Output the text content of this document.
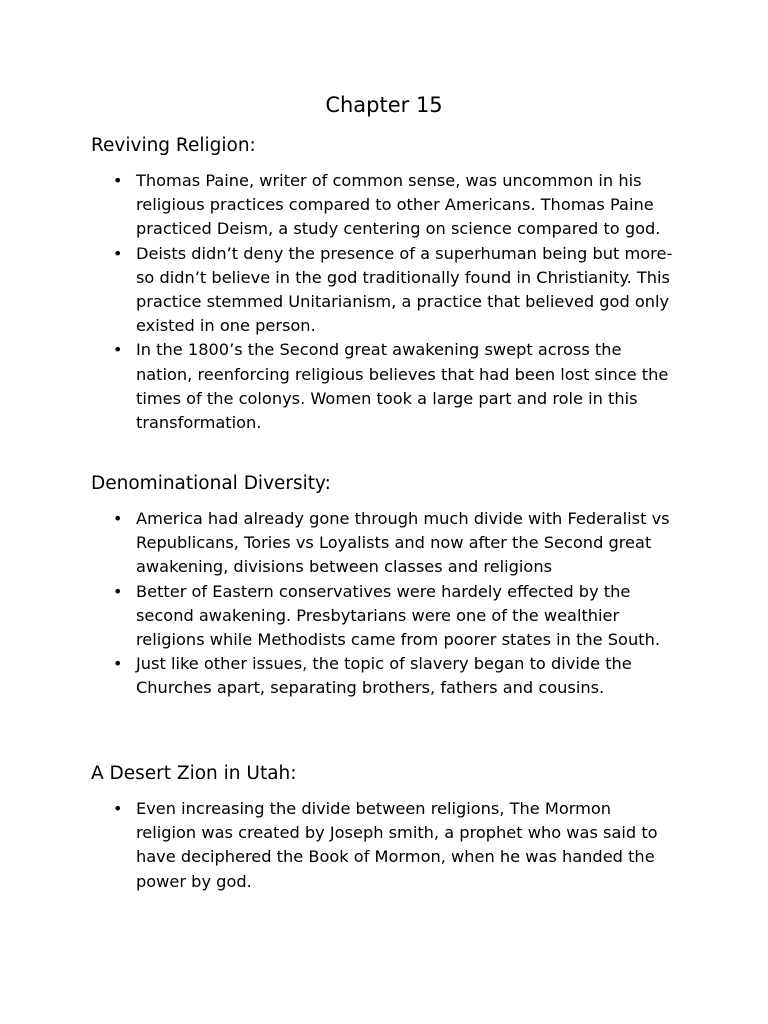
Chapter 15
Reviving Religion:
• Thomas Paine, writer of common sense, was uncommon in his religious practices compared to other Americans. Thomas Paine practiced Deism, a study centering on science compared to god.
• Deists didn’t deny the presence of a superhuman being but more-so didn’t believe in the god traditionally found in Christianity. This practice stemmed Unitarianism, a practice that believed god only existed in one person.
• In the 1800’s the Second great awakening swept across the nation, reenforcing religious believes that had been lost since the times of the colonys. Women took a large part and role in this transformation.
Denominational Diversity:
• America had already gone through much divide with Federalist vs Republicans, Tories vs Loyalists and now after the Second great awakening, divisions between classes and religions
• Better of Eastern conservatives were hardely effected by the second awakening. Presbytarians were one of the wealthier religions while Methodists came from poorer states in the South.
• Just like other issues, the topic of slavery began to divide the Churches apart, separating brothers, fathers and cousins.
A Desert Zion in Utah:
• Even increasing the divide between religions, The Mormon religion was created by Joseph smith, a prophet who was said to have deciphered the Book of Mormon, when he was handed the power by god.
